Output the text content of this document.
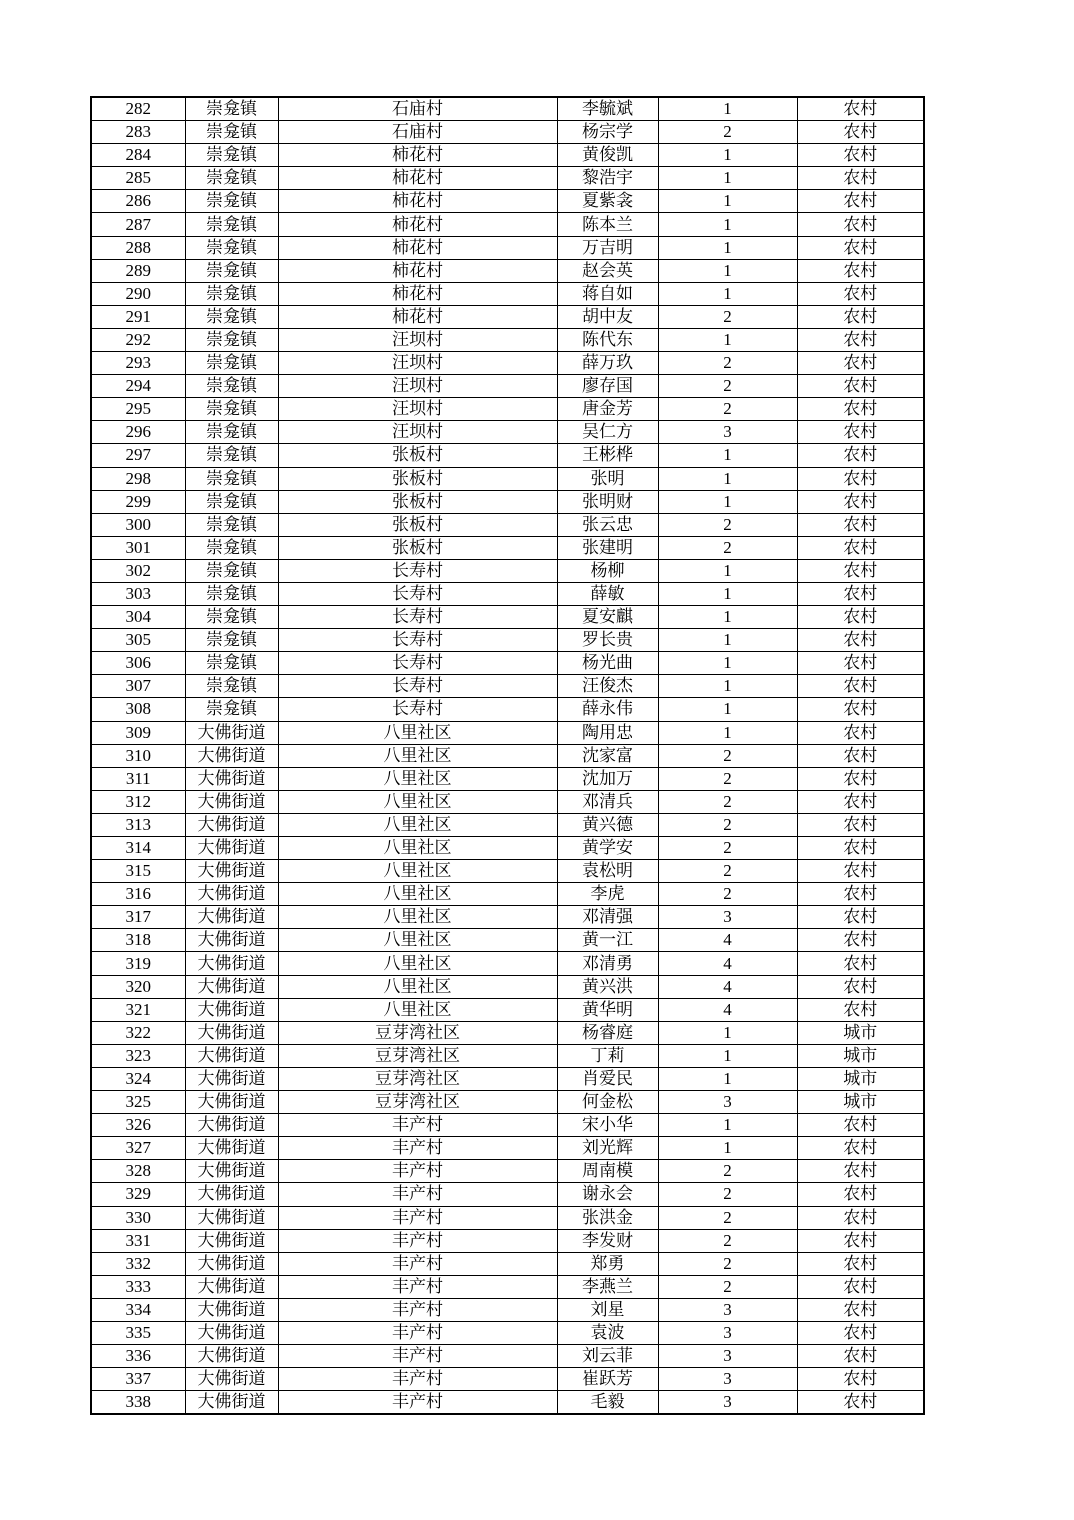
282	崇龛镇	石庙村	李毓斌	1	农村
283	崇龛镇	石庙村	杨宗学	2	农村
284	崇龛镇	柿花村	黄俊凯	1	农村
285	崇龛镇	柿花村	黎浩宇	1	农村
286	崇龛镇	柿花村	夏紫衾	1	农村
287	崇龛镇	柿花村	陈本兰	1	农村
288	崇龛镇	柿花村	万吉明	1	农村
289	崇龛镇	柿花村	赵会英	1	农村
290	崇龛镇	柿花村	蒋自如	1	农村
291	崇龛镇	柿花村	胡中友	2	农村
292	崇龛镇	汪坝村	陈代东	1	农村
293	崇龛镇	汪坝村	薛万玖	2	农村
294	崇龛镇	汪坝村	廖存国	2	农村
295	崇龛镇	汪坝村	唐金芳	2	农村
296	崇龛镇	汪坝村	吴仁方	3	农村
297	崇龛镇	张板村	王彬桦	1	农村
298	崇龛镇	张板村	张明	1	农村
299	崇龛镇	张板村	张明财	1	农村
300	崇龛镇	张板村	张云忠	2	农村
301	崇龛镇	张板村	张建明	2	农村
302	崇龛镇	长寿村	杨柳	1	农村
303	崇龛镇	长寿村	薛敏	1	农村
304	崇龛镇	长寿村	夏安麒	1	农村
305	崇龛镇	长寿村	罗长贵	1	农村
306	崇龛镇	长寿村	杨光曲	1	农村
307	崇龛镇	长寿村	汪俊杰	1	农村
308	崇龛镇	长寿村	薛永伟	1	农村
309	大佛街道	八里社区	陶用忠	1	农村
310	大佛街道	八里社区	沈家富	2	农村
311	大佛街道	八里社区	沈加万	2	农村
312	大佛街道	八里社区	邓清兵	2	农村
313	大佛街道	八里社区	黄兴德	2	农村
314	大佛街道	八里社区	黄学安	2	农村
315	大佛街道	八里社区	袁松明	2	农村
316	大佛街道	八里社区	李虎	2	农村
317	大佛街道	八里社区	邓清强	3	农村
318	大佛街道	八里社区	黄一江	4	农村
319	大佛街道	八里社区	邓清勇	4	农村
320	大佛街道	八里社区	黄兴洪	4	农村
321	大佛街道	八里社区	黄华明	4	农村
322	大佛街道	豆芽湾社区	杨睿庭	1	城市
323	大佛街道	豆芽湾社区	丁莉	1	城市
324	大佛街道	豆芽湾社区	肖爱民	1	城市
325	大佛街道	豆芽湾社区	何金松	3	城市
326	大佛街道	丰产村	宋小华	1	农村
327	大佛街道	丰产村	刘光辉	1	农村
328	大佛街道	丰产村	周南模	2	农村
329	大佛街道	丰产村	谢永会	2	农村
330	大佛街道	丰产村	张洪金	2	农村
331	大佛街道	丰产村	李发财	2	农村
332	大佛街道	丰产村	郑勇	2	农村
333	大佛街道	丰产村	李燕兰	2	农村
334	大佛街道	丰产村	刘星	3	农村
335	大佛街道	丰产村	袁波	3	农村
336	大佛街道	丰产村	刘云菲	3	农村
337	大佛街道	丰产村	崔跃芳	3	农村
338	大佛街道	丰产村	毛毅	3	农村
